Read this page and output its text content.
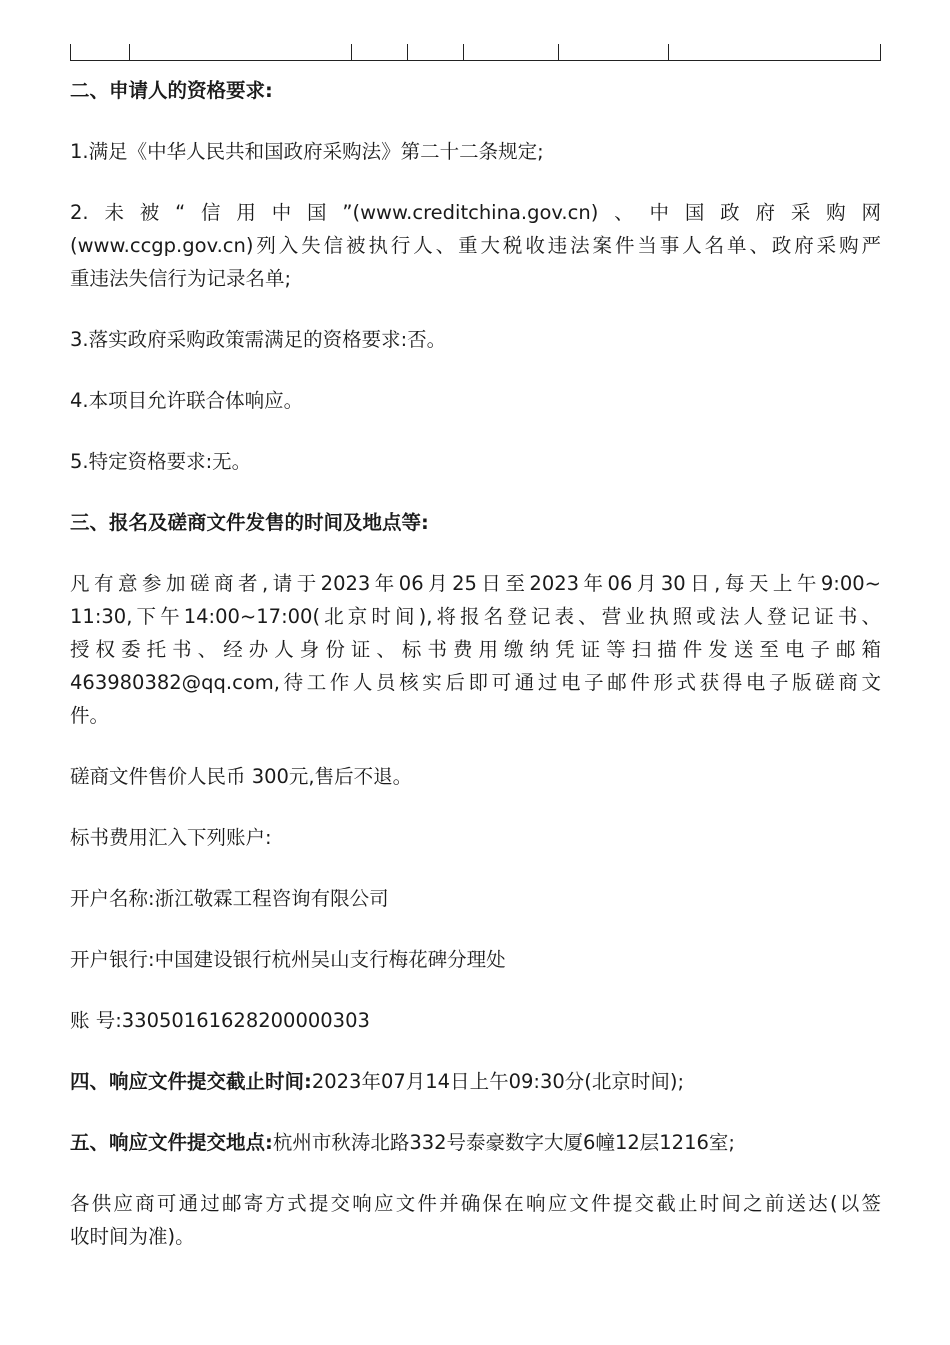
二、申请人的资格要求:

1.满足《中华人民共和国政府采购法》第二十二条规定;

2.未被“信用中国”(www.creditchina.gov.cn)、中国政府采购网
(www.ccgp.gov.cn)列入失信被执行人、重大税收违法案件当事人名单、政府采购严
重违法失信行为记录名单;

3.落实政府采购政策需满足的资格要求:否。

4.本项目允许联合体响应。

5.特定资格要求:无。

三、报名及磋商文件发售的时间及地点等:

凡有意参加磋商者,请于2023年06月25日至2023年06月30日,每天上午9:00~
11:30,下午14:00~17:00(北京时间),将报名登记表、营业执照或法人登记证书、
授权委托书、经办人身份证、标书费用缴纳凭证等扫描件发送至电子邮箱
463980382@qq.com,待工作人员核实后即可通过电子邮件形式获得电子版磋商文
件。

磋商文件售价人民币 300元,售后不退。

标书费用汇入下列账户:

开户名称:浙江敬霖工程咨询有限公司

开户银行:中国建设银行杭州吴山支行梅花碑分理处

账 号:33050161628200000303

四、响应文件提交截止时间:2023年07月14日上午09:30分(北京时间);

五、响应文件提交地点:杭州市秋涛北路332号泰豪数字大厦6幢12层1216室;

各供应商可通过邮寄方式提交响应文件并确保在响应文件提交截止时间之前送达(以签
收时间为准)。
